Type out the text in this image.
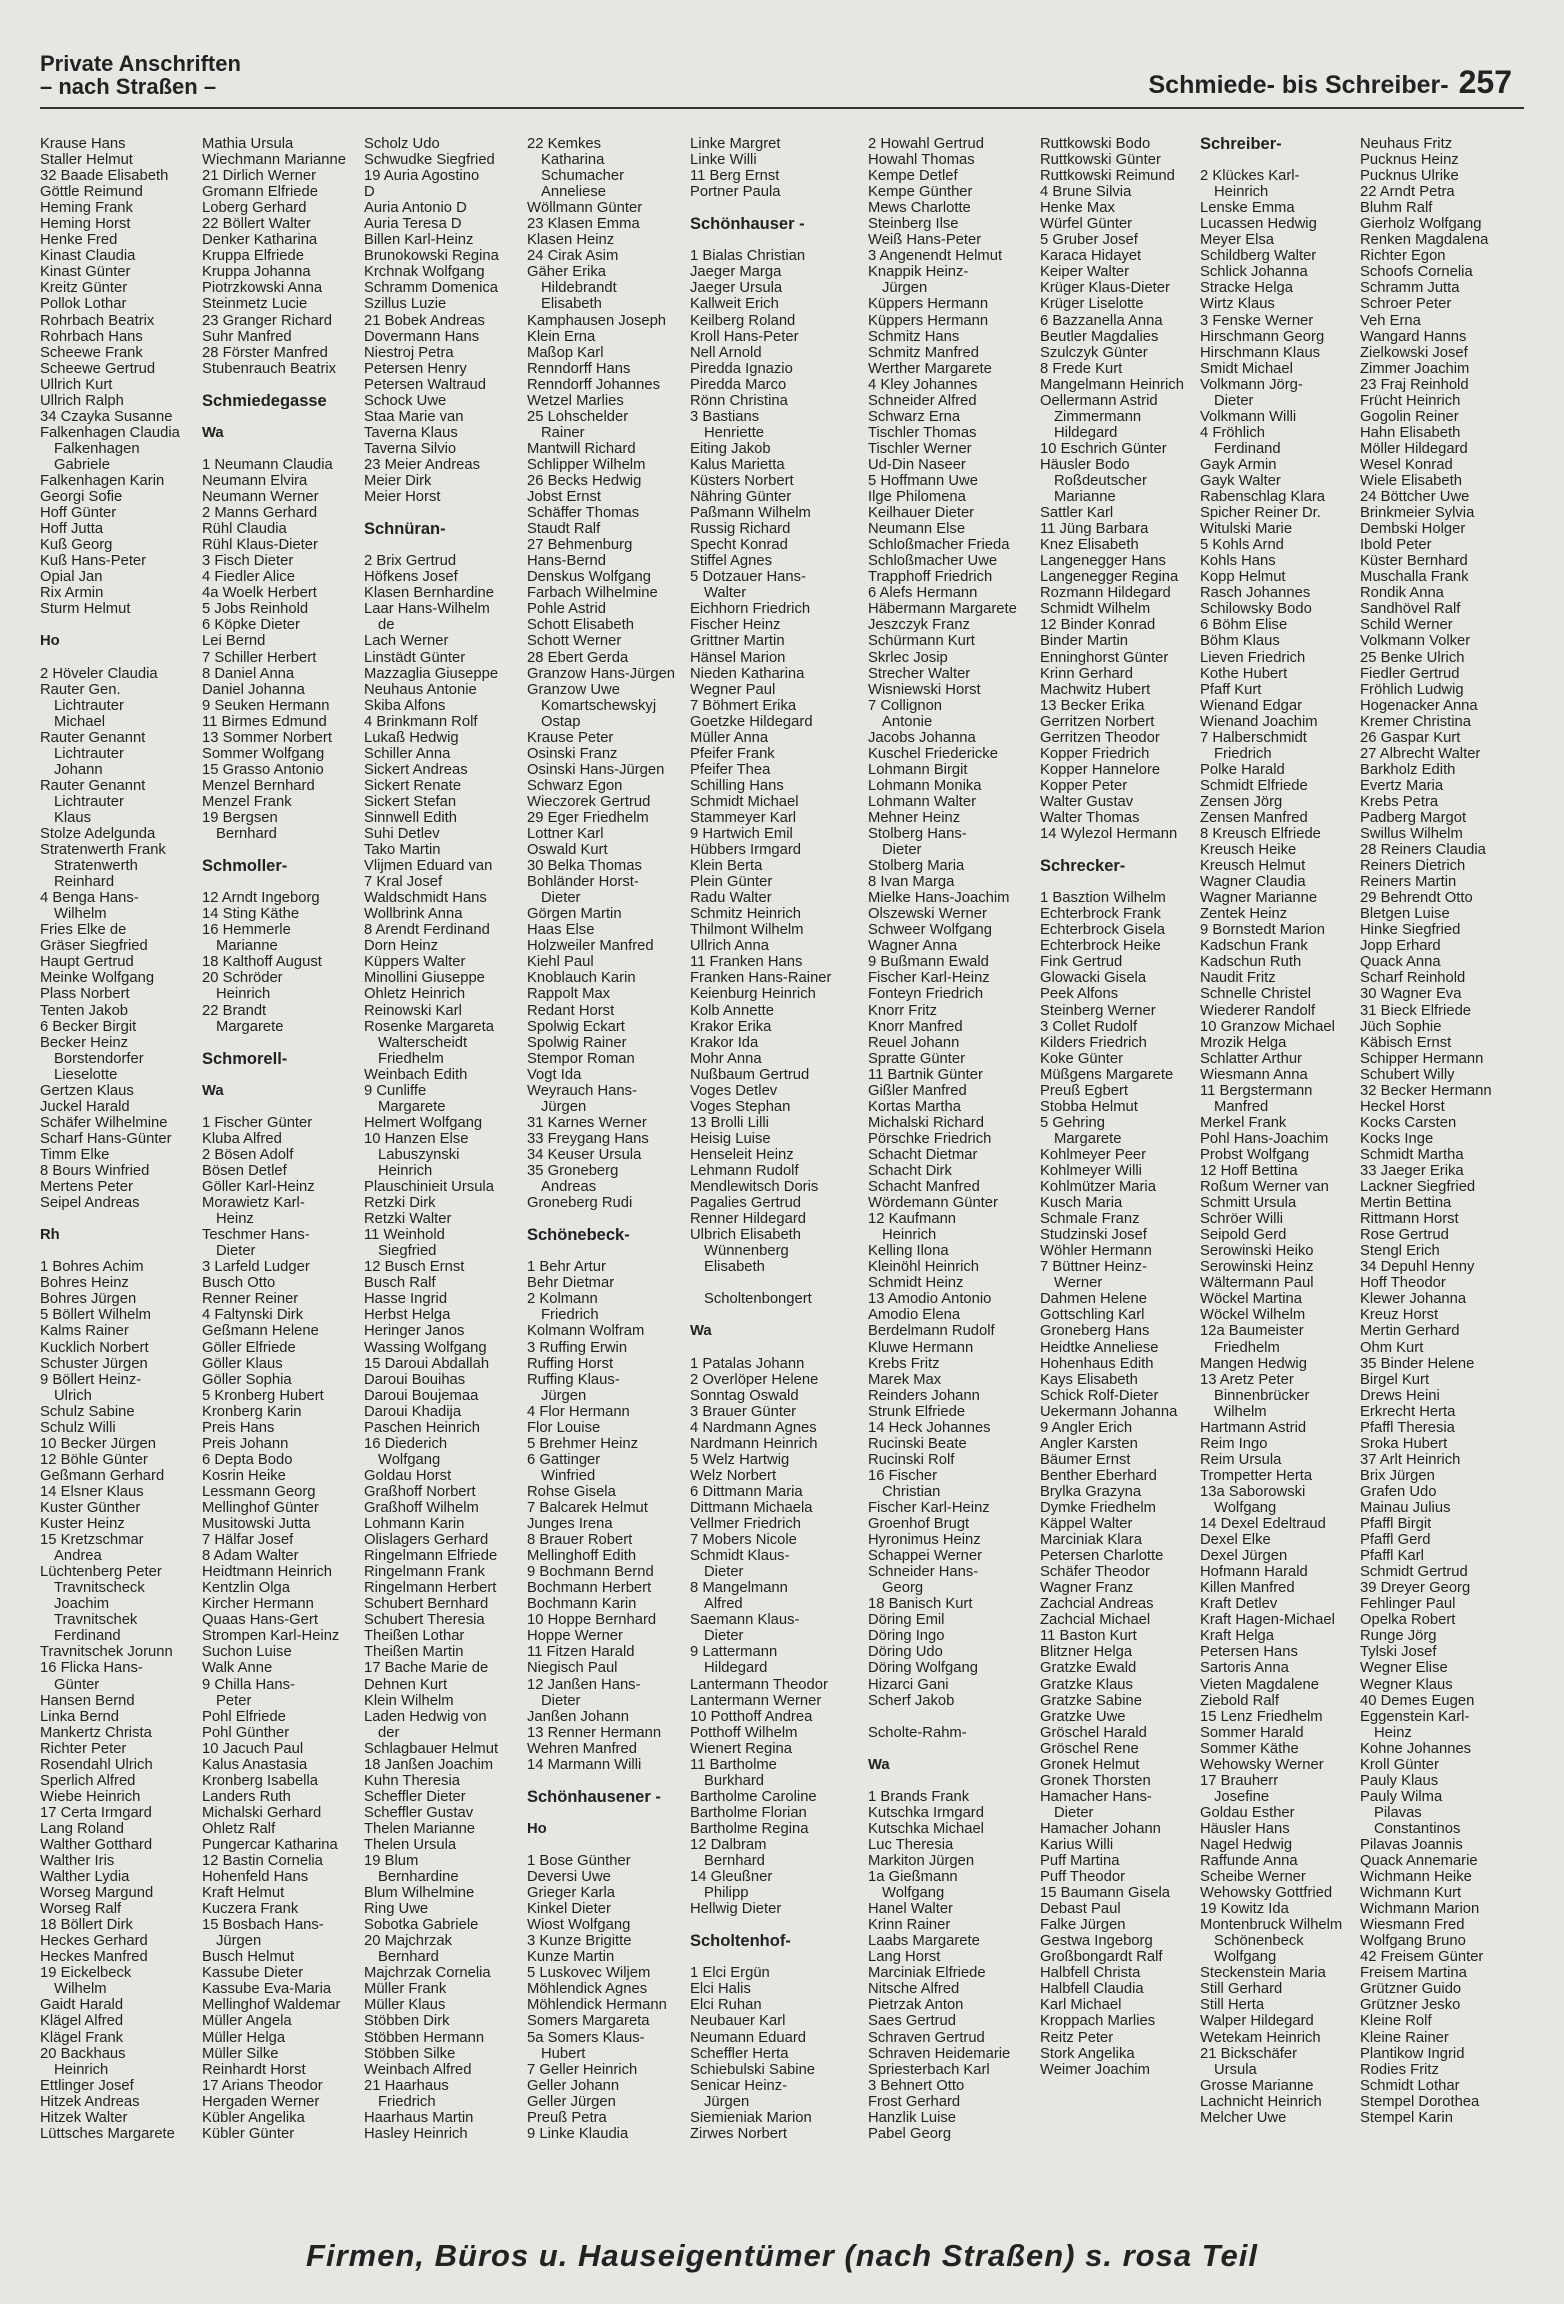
Private Anschriften
– nach Straßen –	Schmiede- bis Schreiber- 257
Krause Hans
Staller Helmut
32 Baade Elisabeth
Göttle Reimund
Heming Frank
Heming Horst
Henke Fred
Kinast Claudia
Kinast Günter
Kreitz Günter
Pollok Lothar
Rohrbach Beatrix
Rohrbach Hans
Scheewe Frank
Scheewe Gertrud
Ullrich Kurt
Ullrich Ralph
34 Czayka Susanne
Falkenhagen Claudia
Falkenhagen
Gabriele
Falkenhagen Karin
Georgi Sofie
Hoff Günter
Hoff Jutta
Kuß Georg
Kuß Hans-Peter
Opial Jan
Rix Armin
Sturm Helmut

Ho

2 Höveler Claudia
Rauter Gen.
Lichtrauter
Michael
Rauter Genannt
Lichtrauter
Johann
Rauter Genannt
Lichtrauter
Klaus
Stolze Adelgunda
Stratenwerth Frank
Stratenwerth
Reinhard
4 Benga Hans-
Wilhelm
Fries Elke de
Gräser Siegfried
Haupt Gertrud
Meinke Wolfgang
Plass Norbert
Tenten Jakob
6 Becker Birgit
Becker Heinz
Borstendorfer
Lieselotte
Gertzen Klaus
Juckel Harald
Schäfer Wilhelmine
Scharf Hans-Günter
Timm Elke
8 Bours Winfried
Mertens Peter
Seipel Andreas

Rh

1 Bohres Achim
Bohres Heinz
Bohres Jürgen
5 Böllert Wilhelm
Kalms Rainer
Kucklich Norbert
Schuster Jürgen
9 Böllert Heinz-
Ulrich
Schulz Sabine
Schulz Willi
10 Becker Jürgen
12 Böhle Günter
Geßmann Gerhard
14 Elsner Klaus
Kuster Günther
Kuster Heinz
15 Kretzschmar
Andrea
Lüchtenberg Peter
Travnitscheck
Joachim
Travnitschek
Ferdinand
Travnitschek Jorunn
16 Flicka Hans-
Günter
Hansen Bernd
Linka Bernd
Mankertz Christa
Richter Peter
Rosendahl Ulrich
Sperlich Alfred
Wiebe Heinrich
17 Certa Irmgard
Lang Roland
Walther Gotthard
Walther Iris
Walther Lydia
Worseg Margund
Worseg Ralf
18 Böllert Dirk
Heckes Gerhard
Heckes Manfred
19 Eickelbeck
Wilhelm
Gaidt Harald
Klägel Alfred
Klägel Frank
20 Backhaus
Heinrich
Ettlinger Josef
Hitzek Andreas
Hitzek Walter
Lüttsches Margarete
Mathia Ursula
Wiechmann Marianne
21 Dirlich Werner
Gromann Elfriede
Loberg Gerhard
22 Böllert Walter
Denker Katharina
Kruppa Elfriede
Kruppa Johanna
Piotrzkowski Anna
Steinmetz Lucie
23 Granger Richard
Suhr Manfred
28 Förster Manfred
Stubenrauch Beatrix

Schmiedegasse

Wa

1 Neumann Claudia
Neumann Elvira
Neumann Werner
2 Manns Gerhard
Rühl Claudia
Rühl Klaus-Dieter
3 Fisch Dieter
4 Fiedler Alice
4a Woelk Herbert
5 Jobs Reinhold
6 Köpke Dieter
Lei Bernd
7 Schiller Herbert
8 Daniel Anna
Daniel Johanna
9 Seuken Hermann
11 Birmes Edmund
13 Sommer Norbert
Sommer Wolfgang
15 Grasso Antonio
Menzel Bernhard
Menzel Frank
19 Bergsen
Bernhard

Schmoller-

12 Arndt Ingeborg
14 Sting Käthe
16 Hemmerle
Marianne
18 Kalthoff August
20 Schröder
Heinrich
22 Brandt
Margarete

Schmorell-

Wa

1 Fischer Günter
Kluba Alfred
2 Bösen Adolf
Bösen Detlef
Göller Karl-Heinz
Morawietz Karl-
Heinz
Teschmer Hans-
Dieter
3 Larfeld Ludger
Busch Otto
Renner Reiner
4 Faltynski Dirk
Geßmann Helene
Göller Elfriede
Göller Klaus
Göller Sophia
5 Kronberg Hubert
Kronberg Karin
Preis Hans
Preis Johann
6 Depta Bodo
Kosrin Heike
Lessmann Georg
Mellinghof Günter
Musitowski Jutta
7 Hälfar Josef
8 Adam Walter
Heidtmann Heinrich
Kentzlin Olga
Kircher Hermann
Quaas Hans-Gert
Strompen Karl-Heinz
Suchon Luise
Walk Anne
9 Chilla Hans-
Peter
Pohl Elfriede
Pohl Günther
10 Jacuch Paul
Kalus Anastasia
Kronberg Isabella
Landers Ruth
Michalski Gerhard
Ohletz Ralf
Pungercar Katharina
12 Bastin Cornelia
Hohenfeld Hans
Kraft Helmut
Kuczera Frank
15 Bosbach Hans-
Jürgen
Busch Helmut
Kassube Dieter
Kassube Eva-Maria
Mellinghof Waldemar
Müller Angela
Müller Helga
Müller Silke
Reinhardt Horst
17 Arians Theodor
Hergaden Werner
Kübler Angelika
Kübler Günter
Scholz Udo
Schwudke Siegfried
19 Auria Agostino
D
Auria Antonio D
Auria Teresa D
Billen Karl-Heinz
Brunokowski Regina
Krchnak Wolfgang
Schramm Domenica
Szillus Luzie
21 Bobek Andreas
Dovermann Hans
Niestroj Petra
Petersen Henry
Petersen Waltraud
Schock Uwe
Staa Marie van
Taverna Klaus
Taverna Silvio
23 Meier Andreas
Meier Dirk
Meier Horst

Schnüran-

2 Brix Gertrud
Höfkens Josef
Klasen Bernhardine
Laar Hans-Wilhelm
de
Lach Werner
Linstädt Günter
Mazzaglia Giuseppe
Neuhaus Antonie
Skiba Alfons
4 Brinkmann Rolf
Lukaß Hedwig
Schiller Anna
Sickert Andreas
Sickert Renate
Sickert Stefan
Sinnwell Edith
Suhi Detlev
Tako Martin
Vlijmen Eduard van
7 Kral Josef
Waldschmidt Hans
Wollbrink Anna
8 Arendt Ferdinand
Dorn Heinz
Küppers Walter
Minollini Giuseppe
Ohletz Heinrich
Reinowski Karl
Rosenke Margareta
Walterscheidt
Friedhelm
Weinbach Edith
9 Cunliffe
Margarete
Helmert Wolfgang
10 Hanzen Else
Labuszynski
Heinrich
Plauschinieit Ursula
Retzki Dirk
Retzki Walter
11 Weinhold
Siegfried
12 Busch Ernst
Busch Ralf
Hasse Ingrid
Herbst Helga
Heringer Janos
Wassing Wolfgang
15 Daroui Abdallah
Daroui Bouihas
Daroui Boujemaa
Daroui Khadija
Paschen Heinrich
16 Diederich
Wolfgang
Goldau Horst
Graßhoff Norbert
Graßhoff Wilhelm
Lohmann Karin
Olislagers Gerhard
Ringelmann Elfriede
Ringelmann Frank
Ringelmann Herbert
Schubert Bernhard
Schubert Theresia
Theißen Lothar
Theißen Martin
17 Bache Marie de
Dehnen Kurt
Klein Wilhelm
Laden Hedwig von
der
Schlagbauer Helmut
18 Janßen Joachim
Kuhn Theresia
Scheffler Dieter
Scheffler Gustav
Thelen Marianne
Thelen Ursula
19 Blum
Bernhardine
Blum Wilhelmine
Ring Uwe
Sobotka Gabriele
20 Majchrzak
Bernhard
Majchrzak Cornelia
Müller Frank
Müller Klaus
Stöbben Dirk
Stöbben Hermann
Stöbben Silke
Weinbach Alfred
21 Haarhaus
Friedrich
Haarhaus Martin
Hasley Heinrich
22 Kemkes
Katharina
Schumacher
Anneliese
Wöllmann Günter
23 Klasen Emma
Klasen Heinz
24 Cirak Asim
Gäher Erika
Hildebrandt
Elisabeth
Kamphausen Joseph
Klein Erna
Maßop Karl
Renndorff Hans
Renndorff Johannes
Wetzel Marlies
25 Lohschelder
Rainer
Mantwill Richard
Schlipper Wilhelm
26 Becks Hedwig
Jobst Ernst
Schäffer Thomas
Staudt Ralf
27 Behmenburg
Hans-Bernd
Denskus Wolfgang
Farbach Wilhelmine
Pohle Astrid
Schott Elisabeth
Schott Werner
28 Ebert Gerda
Granzow Hans-Jürgen
Granzow Uwe
Komartschewskyj
Ostap
Krause Peter
Osinski Franz
Osinski Hans-Jürgen
Schwarz Egon
Wieczorek Gertrud
29 Eger Friedhelm
Lottner Karl
Oswald Kurt
30 Belka Thomas
Bohländer Horst-
Dieter
Görgen Martin
Haas Else
Holzweiler Manfred
Kiehl Paul
Knoblauch Karin
Rappolt Max
Redant Horst
Spolwig Eckart
Spolwig Rainer
Stempor Roman
Vogt Ida
Weyrauch Hans-
Jürgen
31 Karnes Werner
33 Freygang Hans
34 Keuser Ursula
35 Groneberg
Andreas
Groneberg Rudi

Schönebeck-

1 Behr Artur
Behr Dietmar
2 Kolmann
Friedrich
Kolmann Wolfram
3 Ruffing Erwin
Ruffing Horst
Ruffing Klaus-
Jürgen
4 Flor Hermann
Flor Louise
5 Brehmer Heinz
6 Gattinger
Winfried
Rohse Gisela
7 Balcarek Helmut
Junges Irena
8 Brauer Robert
Mellinghoff Edith
9 Bochmann Bernd
Bochmann Herbert
Bochmann Karin
10 Hoppe Bernhard
Hoppe Werner
11 Fitzen Harald
Niegisch Paul
12 Janßen Hans-
Dieter
Janßen Johann
13 Renner Hermann
Wehren Manfred
14 Marmann Willi

Schönhausener -

Ho

1 Bose Günther
Deversi Uwe
Grieger Karla
Kinkel Dieter
Wiost Wolfgang
3 Kunze Brigitte
Kunze Martin
5 Luskovec Wiljem
Möhlendick Agnes
Möhlendick Hermann
Somers Margareta
5a Somers Klaus-
Hubert
7 Geller Heinrich
Geller Johann
Geller Jürgen
Preuß Petra
9 Linke Klaudia
Linke Margret
Linke Willi
11 Berg Ernst
Portner Paula

Schönhauser -

1 Bialas Christian
Jaeger Marga
Jaeger Ursula
Kallweit Erich
Keilberg Roland
Kroll Hans-Peter
Nell Arnold
Piredda Ignazio
Piredda Marco
Rönn Christina
3 Bastians
Henriette
Eiting Jakob
Kalus Marietta
Küsters Norbert
Nähring Günter
Paßmann Wilhelm
Russig Richard
Specht Konrad
Stiffel Agnes
5 Dotzauer Hans-
Walter
Eichhorn Friedrich
Fischer Heinz
Grittner Martin
Hänsel Marion
Nieden Katharina
Wegner Paul
7 Böhmert Erika
Goetzke Hildegard
Müller Anna
Pfeifer Frank
Pfeifer Thea
Schilling Hans
Schmidt Michael
Stammeyer Karl
9 Hartwich Emil
Hübbers Irmgard
Klein Berta
Plein Günter
Radu Walter
Schmitz Heinrich
Thilmont Wilhelm
Ullrich Anna
11 Franken Hans
Franken Hans-Rainer
Keienburg Heinrich
Kolb Annette
Krakor Erika
Krakor Ida
Mohr Anna
Nußbaum Gertrud
Voges Detlev
Voges Stephan
13 Brolli Lilli
Heisig Luise
Henseleit Heinz
Lehmann Rudolf
Mendlewitsch Doris
Pagalies Gertrud
Renner Hildegard
Ulbrich Elisabeth
Wünnenberg
Elisabeth

Scholtenbongert

Wa

1 Patalas Johann
2 Overlöper Helene
Sonntag Oswald
3 Brauer Günter
4 Nardmann Agnes
Nardmann Heinrich
5 Welz Hartwig
Welz Norbert
6 Dittmann Maria
Dittmann Michaela
Vellmer Friedrich
7 Mobers Nicole
Schmidt Klaus-
Dieter
8 Mangelmann
Alfred
Saemann Klaus-
Dieter
9 Lattermann
Hildegard
Lantermann Theodor
Lantermann Werner
10 Potthoff Andrea
Potthoff Wilhelm
Wienert Regina
11 Bartholme
Burkhard
Bartholme Caroline
Bartholme Florian
Bartholme Regina
12 Dalbram
Bernhard
14 Gleußner
Philipp
Hellwig Dieter

Scholtenhof-

1 Elci Ergün
Elci Halis
Elci Ruhan
Neubauer Karl
Neumann Eduard
Scheffler Herta
Schiebulski Sabine
Senicar Heinz-
Jürgen
Siemieniak Marion
Zirwes Norbert
2 Howahl Gertrud
Howahl Thomas
Kempe Detlef
Kempe Günther
Mews Charlotte
Steinberg Ilse
Weiß Hans-Peter
3 Angenendt Helmut
Knappik Heinz-
Jürgen
Küppers Hermann
Küppers Hermann
Schmitz Hans
Schmitz Manfred
Werther Margarete
4 Kley Johannes
Schneider Alfred
Schwarz Erna
Tischler Thomas
Tischler Werner
Ud-Din Naseer
5 Hoffmann Uwe
Ilge Philomena
Keilhauer Dieter
Neumann Else
Schloßmacher Frieda
Schloßmacher Uwe
Trapphoff Friedrich
6 Alefs Hermann
Häbermann Margarete
Jeszczyk Franz
Schürmann Kurt
Skrlec Josip
Strecher Walter
Wisniewski Horst
7 Collignon
Antonie
Jacobs Johanna
Kuschel Friedericke
Lohmann Birgit
Lohmann Monika
Lohmann Walter
Mehner Heinz
Stolberg Hans-
Dieter
Stolberg Maria
8 Ivan Marga
Mielke Hans-Joachim
Olszewski Werner
Schweer Wolfgang
Wagner Anna
9 Bußmann Ewald
Fischer Karl-Heinz
Fonteyn Friedrich
Knorr Fritz
Knorr Manfred
Reuel Johann
Spratte Günter
11 Bartnik Günter
Gißler Manfred
Kortas Martha
Michalski Richard
Pörschke Friedrich
Schacht Dietmar
Schacht Dirk
Schacht Manfred
Wördemann Günter
12 Kaufmann
Heinrich
Kelling Ilona
Kleinöhl Heinrich
Schmidt Heinz
13 Amodio Antonio
Amodio Elena
Berdelmann Rudolf
Kluwe Hermann
Krebs Fritz
Marek Max
Reinders Johann
Strunk Elfriede
14 Heck Johannes
Rucinski Beate
Rucinski Rolf
16 Fischer
Christian
Fischer Karl-Heinz
Groenhof Brugt
Hyronimus Heinz
Schappei Werner
Schneider Hans-
Georg
18 Banisch Kurt
Döring Emil
Döring Ingo
Döring Udo
Döring Wolfgang
Hizarci Gani
Scherf Jakob

Scholte-Rahm-

Wa

1 Brands Frank
Kutschka Irmgard
Kutschka Michael
Luc Theresia
Markiton Jürgen
1a Gießmann
Wolfgang
Hanel Walter
Krinn Rainer
Laabs Margarete
Lang Horst
Marciniak Elfriede
Nitsche Alfred
Pietrzak Anton
Saes Gertrud
Schraven Gertrud
Schraven Heidemarie
Spriesterbach Karl
3 Behnert Otto
Frost Gerhard
Hanzlik Luise
Pabel Georg
Ruttkowski Bodo
Ruttkowski Günter
Ruttkowski Reimund
4 Brune Silvia
Henke Max
Würfel Günter
5 Gruber Josef
Karaca Hidayet
Keiper Walter
Krüger Klaus-Dieter
Krüger Liselotte
6 Bazzanella Anna
Beutler Magdalies
Szulczyk Günter
8 Frede Kurt
Mangelmann Heinrich
Oellermann Astrid
Zimmermann
Hildegard
10 Eschrich Günter
Häusler Bodo
Roßdeutscher
Marianne
Sattler Karl
11 Jüng Barbara
Knez Elisabeth
Langenegger Hans
Langenegger Regina
Rozmann Hildegard
Schmidt Wilhelm
12 Binder Konrad
Binder Martin
Enninghorst Günter
Krinn Gerhard
Machwitz Hubert
13 Becker Erika
Gerritzen Norbert
Gerritzen Theodor
Kopper Friedrich
Kopper Hannelore
Kopper Peter
Walter Gustav
Walter Thomas
14 Wylezol Hermann

Schrecker-

1 Basztion Wilhelm
Echterbrock Frank
Echterbrock Gisela
Echterbrock Heike
Fink Gertrud
Glowacki Gisela
Peek Alfons
Steinberg Werner
3 Collet Rudolf
Kilders Friedrich
Koke Günter
Müßgens Margarete
Preuß Egbert
Stobba Helmut
5 Gehring
Margarete
Kohlmeyer Peer
Kohlmeyer Willi
Kohlmützer Maria
Kusch Maria
Schmale Franz
Studzinski Josef
Wöhler Hermann
7 Büttner Heinz-
Werner
Dahmen Helene
Gottschling Karl
Groneberg Hans
Heidtke Anneliese
Hohenhaus Edith
Kays Elisabeth
Schick Rolf-Dieter
Uekermann Johanna
9 Angler Erich
Angler Karsten
Bäumer Ernst
Benther Eberhard
Brylka Grazyna
Dymke Friedhelm
Käppel Walter
Marciniak Klara
Petersen Charlotte
Schäfer Theodor
Wagner Franz
Zachcial Andreas
Zachcial Michael
11 Baston Kurt
Blitzner Helga
Gratzke Ewald
Gratzke Klaus
Gratzke Sabine
Gratzke Uwe
Gröschel Harald
Gröschel Rene
Gronek Helmut
Gronek Thorsten
Hamacher Hans-
Dieter
Hamacher Johann
Karius Willi
Puff Martina
Puff Theodor
15 Baumann Gisela
Debast Paul
Falke Jürgen
Gestwa Ingeborg
Großbongardt Ralf
Halbfell Christa
Halbfell Claudia
Karl Michael
Kroppach Marlies
Reitz Peter
Stork Angelika
Weimer Joachim
Schreiber-

2 Klückes Karl-
Heinrich
Lenske Emma
Lucassen Hedwig
Meyer Elsa
Schildberg Walter
Schlick Johanna
Stracke Helga
Wirtz Klaus
3 Fenske Werner
Hirschmann Georg
Hirschmann Klaus
Smidt Michael
Volkmann Jörg-
Dieter
Volkmann Willi
4 Fröhlich
Ferdinand
Gayk Armin
Gayk Walter
Rabenschlag Klara
Spicher Reiner Dr.
Witulski Marie
5 Kohls Arnd
Kohls Hans
Kopp Helmut
Rasch Johannes
Schilowsky Bodo
6 Böhm Elise
Böhm Klaus
Lieven Friedrich
Kothe Hubert
Pfaff Kurt
Wienand Edgar
Wienand Joachim
7 Halberschmidt
Friedrich
Polke Harald
Schmidt Elfriede
Zensen Jörg
Zensen Manfred
8 Kreusch Elfriede
Kreusch Heike
Kreusch Helmut
Wagner Claudia
Wagner Marianne
Zentek Heinz
9 Bornstedt Marion
Kadschun Frank
Kadschun Ruth
Naudit Fritz
Schnelle Christel
Wiederer Randolf
10 Granzow Michael
Mrozik Helga
Schlatter Arthur
Wiesmann Anna
11 Bergstermann
Manfred
Merkel Frank
Pohl Hans-Joachim
Probst Wolfgang
12 Hoff Bettina
Roßum Werner van
Schmitt Ursula
Schröer Willi
Seipold Gerd
Serowinski Heiko
Serowinski Heinz
Wältermann Paul
Wöckel Martina
Wöckel Wilhelm
12a Baumeister
Friedhelm
Mangen Hedwig
13 Aretz Peter
Binnenbrücker
Wilhelm
Hartmann Astrid
Reim Ingo
Reim Ursula
Trompetter Herta
13a Saborowski
Wolfgang
14 Dexel Edeltraud
Dexel Elke
Dexel Jürgen
Hofmann Harald
Killen Manfred
Kraft Detlev
Kraft Hagen-Michael
Kraft Helga
Petersen Hans
Sartoris Anna
Vieten Magdalene
Ziebold Ralf
15 Lenz Friedhelm
Sommer Harald
Sommer Käthe
Wehowsky Werner
17 Brauherr
Josefine
Goldau Esther
Häusler Hans
Nagel Hedwig
Raffunde Anna
Scheibe Werner
Wehowsky Gottfried
19 Kowitz Ida
Montenbruck Wilhelm
Schönenbeck
Wolfgang
Steckenstein Maria
Still Gerhard
Still Herta
Walper Hildegard
Wetekam Heinrich
21 Bickschäfer
Ursula
Grosse Marianne
Lachnicht Heinrich
Melcher Uwe
Neuhaus Fritz
Pucknus Heinz
Pucknus Ulrike
22 Arndt Petra
Bluhm Ralf
Gierholz Wolfgang
Renken Magdalena
Richter Egon
Schoofs Cornelia
Schramm Jutta
Schroer Peter
Veh Erna
Wangard Hanns
Zielkowski Josef
Zimmer Joachim
23 Fraj Reinhold
Frücht Heinrich
Gogolin Reiner
Hahn Elisabeth
Möller Hildegard
Wesel Konrad
Wiele Elisabeth
24 Böttcher Uwe
Brinkmeier Sylvia
Dembski Holger
Ibold Peter
Küster Bernhard
Muschalla Frank
Rondik Anna
Sandhövel Ralf
Schild Werner
Volkmann Volker
25 Benke Ulrich
Fiedler Gertrud
Fröhlich Ludwig
Hogenacker Anna
Kremer Christina
26 Gaspar Kurt
27 Albrecht Walter
Barkholz Edith
Evertz Maria
Krebs Petra
Padberg Margot
Swillus Wilhelm
28 Reiners Claudia
Reiners Dietrich
Reiners Martin
29 Behrendt Otto
Bletgen Luise
Hinke Siegfried
Jopp Erhard
Quack Anna
Scharf Reinhold
30 Wagner Eva
31 Bieck Elfriede
Jüch Sophie
Käbisch Ernst
Schipper Hermann
Schubert Willy
32 Becker Hermann
Heckel Horst
Kocks Carsten
Kocks Inge
Schmidt Martha
33 Jaeger Erika
Lackner Siegfried
Mertin Bettina
Rittmann Horst
Rose Gertrud
Stengl Erich
34 Depuhl Henny
Hoff Theodor
Klewer Johanna
Kreuz Horst
Mertin Gerhard
Ohm Kurt
35 Binder Helene
Birgel Kurt
Drews Heini
Erkrecht Herta
Pfaffl Theresia
Sroka Hubert
37 Arlt Heinrich
Brix Jürgen
Grafen Udo
Mainau Julius
Pfaffl Birgit
Pfaffl Gerd
Pfaffl Karl
Schmidt Gertrud
39 Dreyer Georg
Fehlinger Paul
Opelka Robert
Runge Jörg
Tylski Josef
Wegner Elise
Wegner Klaus
40 Demes Eugen
Eggenstein Karl-
Heinz
Kohne Johannes
Kroll Günter
Pauly Klaus
Pauly Wilma
Pilavas
Constantinos
Pilavas Joannis
Quack Annemarie
Wichmann Heike
Wichmann Kurt
Wichmann Marion
Wiesmann Fred
Wolfgang Bruno
42 Freisem Günter
Freisem Martina
Grützner Guido
Grützner Jesko
Kleine Rolf
Kleine Rainer
Plantikow Ingrid
Rodies Fritz
Schmidt Lothar
Stempel Dorothea
Stempel Karin
Firmen, Büros u. Hauseigentümer (nach Straßen) s. rosa Teil
